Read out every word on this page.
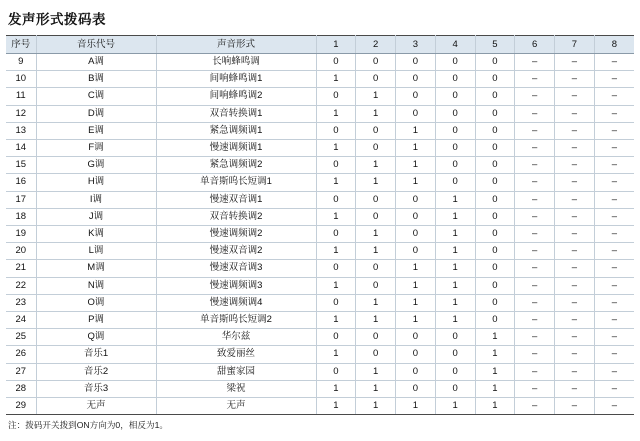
发声形式拨码表
序号	音乐代号	声音形式	1	2	3	4	5	6	7	8
9	A调	长响蜂鸣调	0	0	0	0	0	–	–	–
10	B调	间响蜂鸣调1	1	0	0	0	0	–	–	–
11	C调	间响蜂鸣调2	0	1	0	0	0	–	–	–
12	D调	双音转换调1	1	1	0	0	0	–	–	–
13	E调	紧急调频调1	0	0	1	0	0	–	–	–
14	F调	慢速调频调1	1	0	1	0	0	–	–	–
15	G调	紧急调频调2	0	1	1	0	0	–	–	–
16	H调	单音斯呜长短调1	1	1	1	0	0	–	–	–
17	I调	慢速双音调1	0	0	0	1	0	–	–	–
18	J调	双音转换调2	1	0	0	1	0	–	–	–
19	K调	慢速调频调2	0	1	0	1	0	–	–	–
20	L调	慢速双音调2	1	1	0	1	0	–	–	–
21	M调	慢速双音调3	0	0	1	1	0	–	–	–
22	N调	慢速调频调3	1	0	1	1	0	–	–	–
23	O调	慢速调频调4	0	1	1	1	0	–	–	–
24	P调	单音斯呜长短调2	1	1	1	1	0	–	–	–
25	Q调	华尔兹	0	0	0	0	1	–	–	–
26	音乐1	致爱丽丝	1	0	0	0	1	–	–	–
27	音乐2	甜蜜家园	0	1	0	0	1	–	–	–
28	音乐3	梁祝	1	1	0	0	1	–	–	–
29	无声	无声	1	1	1	1	1	–	–	–
注：拨码开关拨到ON方向为0，相反为1。
